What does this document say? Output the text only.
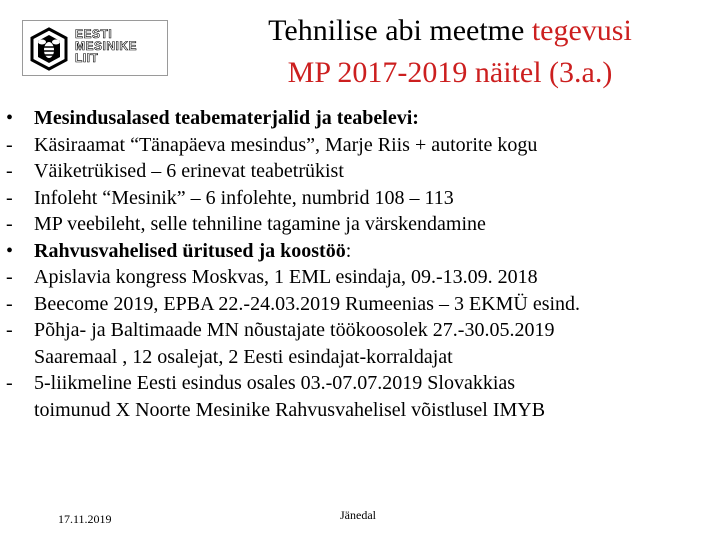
EESTI
MESINIKE
LIIT
Tehnilise abi meetme tegevusi
MP 2017-2019 näitel (3.a.)
•	Mesindusalased teabematerjalid ja teabelevi:
-	Käsiraamat “Tänapäeva mesindus”, Marje Riis + autorite kogu
-	Väiketrükised – 6 erinevat teabetrükist
-	Infoleht “Mesinik” – 6 infolehte, numbrid 108 – 113
-	MP veebileht, selle tehniline tagamine ja värskendamine
•	Rahvusvahelised üritused ja koostöö:
-	Apislavia kongress Moskvas, 1 EML esindaja, 09.-13.09. 2018
-	Beecome 2019, EPBA 22.-24.03.2019 Rumeenias – 3 EKMÜ esind.
-	Põhja- ja Baltimaade MN nõustajate töökoosolek 27.-30.05.2019
Saaremaal , 12 osalejat, 2 Eesti esindajat-korraldajat
-	5-liikmeline Eesti esindus osales 03.-07.07.2019 Slovakkias
toimunud X Noorte Mesinike Rahvusvahelisel võistlusel IMYB
17.11.2019	Jänedal
